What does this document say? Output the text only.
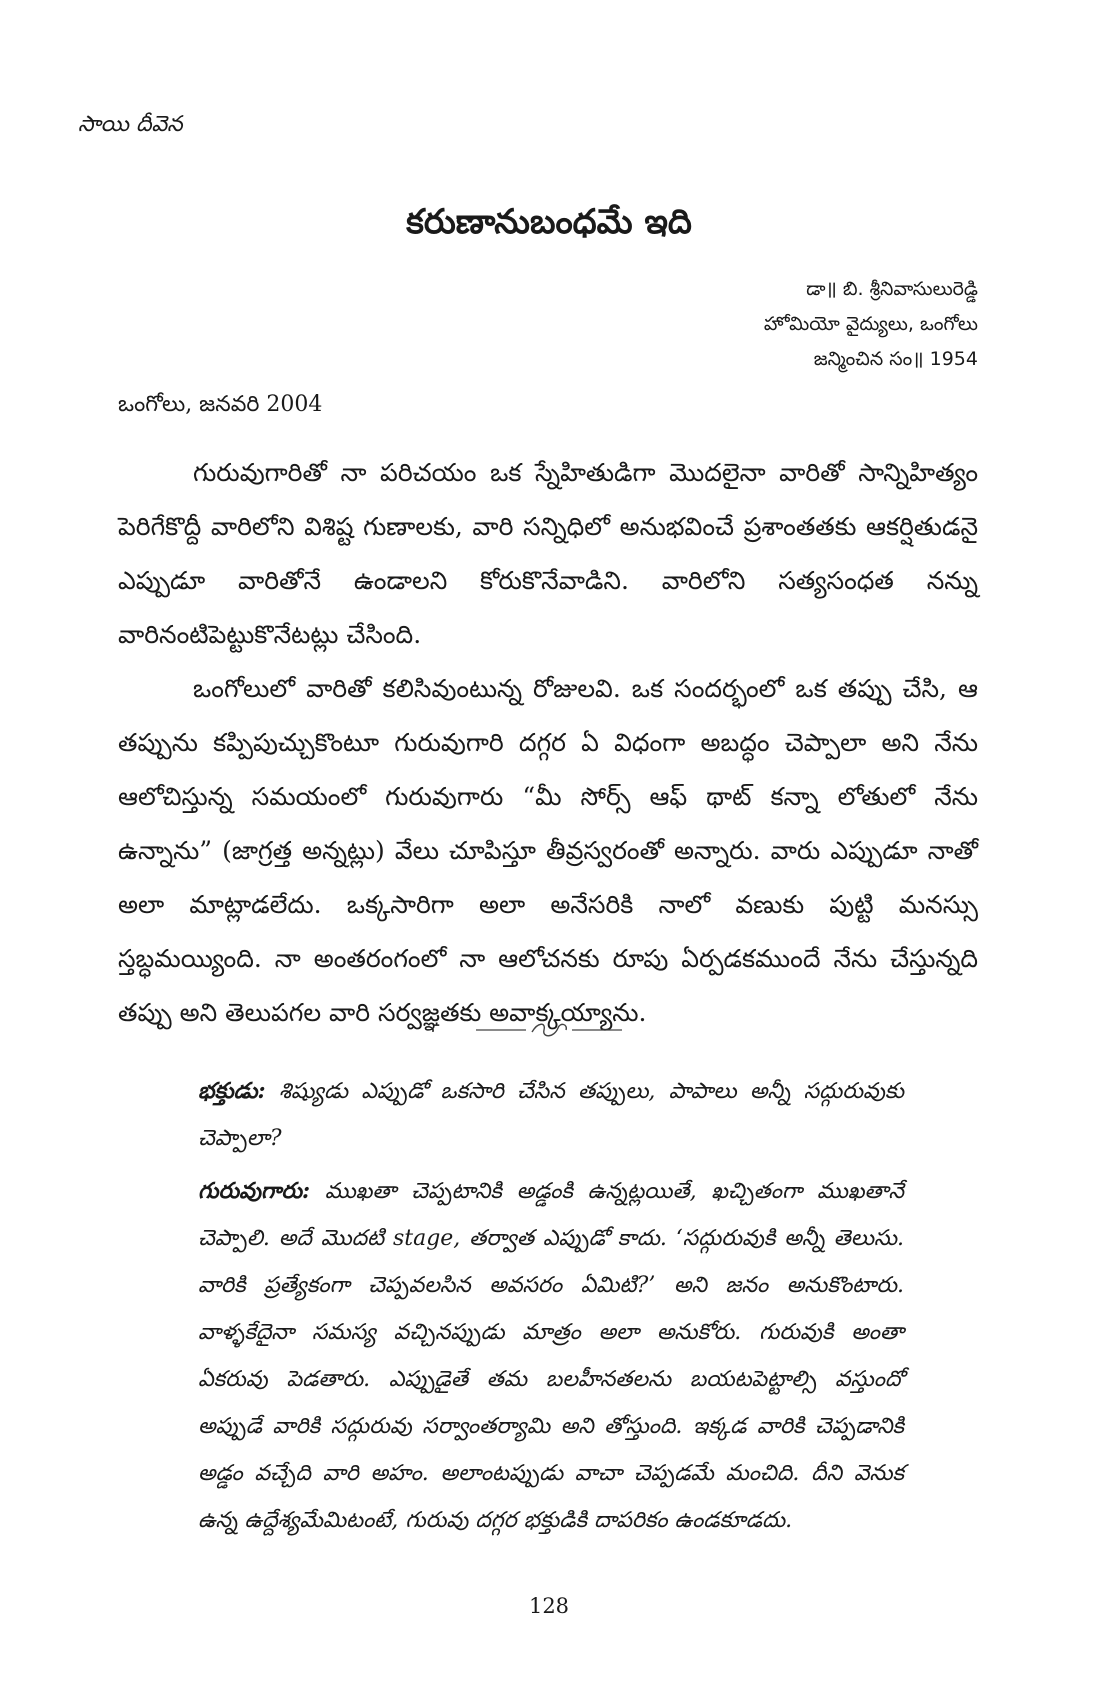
సాయి దీవెన
కరుణానుబంధమే ఇది
డా॥ బి. శ్రీనివాసులురెడ్డి
హోమియో వైద్యులు, ఒంగోలు
జన్మించిన సం॥ 1954
ఒంగోలు, జనవరి 2004

గురువుగారితో నా పరిచయం ఒక స్నేహితుడిగా మొదలైనా వారితో సాన్నిహిత్యం పెరిగేకొద్దీ వారిలోని విశిష్ట గుణాలకు, వారి సన్నిధిలో అనుభవించే ప్రశాంతతకు ఆకర్షితుడనై ఎప్పుడూ వారితోనే ఉండాలని కోరుకొనేవాడిని. వారిలోని సత్యసంధత నన్ను వారినంటిపెట్టుకొనేటట్లు చేసింది.

ఒంగోలులో వారితో కలిసివుంటున్న రోజులవి. ఒక సందర్భంలో ఒక తప్పు చేసి, ఆ తప్పును కప్పిపుచ్చుకొంటూ గురువుగారి దగ్గర ఏ విధంగా అబద్ధం చెప్పాలా అని నేను ఆలోచిస్తున్న సమయంలో గురువుగారు “మీ సోర్స్ ఆఫ్ థాట్ కన్నా లోతులో నేను ఉన్నాను” (జాగ్రత్త అన్నట్లు) వేలు చూపిస్తూ తీవ్రస్వరంతో అన్నారు. వారు ఎప్పుడూ నాతో అలా మాట్లాడలేదు. ఒక్కసారిగా అలా అనేసరికి నాలో వణుకు పుట్టి మనస్సు స్తబ్ధమయ్యింది. నా అంతరంగంలో నా ఆలోచనకు రూపు ఏర్పడకముందే నేను చేస్తున్నది తప్పు అని తెలుపగల వారి సర్వజ్ఞతకు అవాక్కయ్యాను.

భక్తుడు: శిష్యుడు ఎప్పుడో ఒకసారి చేసిన తప్పులు, పాపాలు అన్నీ సద్గురువుకు చెప్పాలా?

గురువుగారు: ముఖతా చెప్పటానికి అడ్డంకి ఉన్నట్లయితే, ఖచ్చితంగా ముఖతానే చెప్పాలి. అదే మొదటి stage, తర్వాత ఎప్పుడో కాదు. ‘సద్గురువుకి అన్నీ తెలుసు. వారికి ప్రత్యేకంగా చెప్పవలసిన అవసరం ఏమిటి?’ అని జనం అనుకొంటారు. వాళ్ళకేదైనా సమస్య వచ్చినప్పుడు మాత్రం అలా అనుకోరు. గురువుకి అంతా ఏకరువు పెడతారు. ఎప్పుడైతే తమ బలహీనతలను బయటపెట్టాల్సి వస్తుందో అప్పుడే వారికి సద్గురువు సర్వాంతర్యామి అని తోస్తుంది. ఇక్కడ వారికి చెప్పడానికి అడ్డం వచ్చేది వారి అహం. అలాంటప్పుడు వాచా చెప్పడమే మంచిది. దీని వెనుక ఉన్న ఉద్దేశ్యమేమిటంటే, గురువు దగ్గర భక్తుడికి దాపరికం ఉండకూడదు.

128
